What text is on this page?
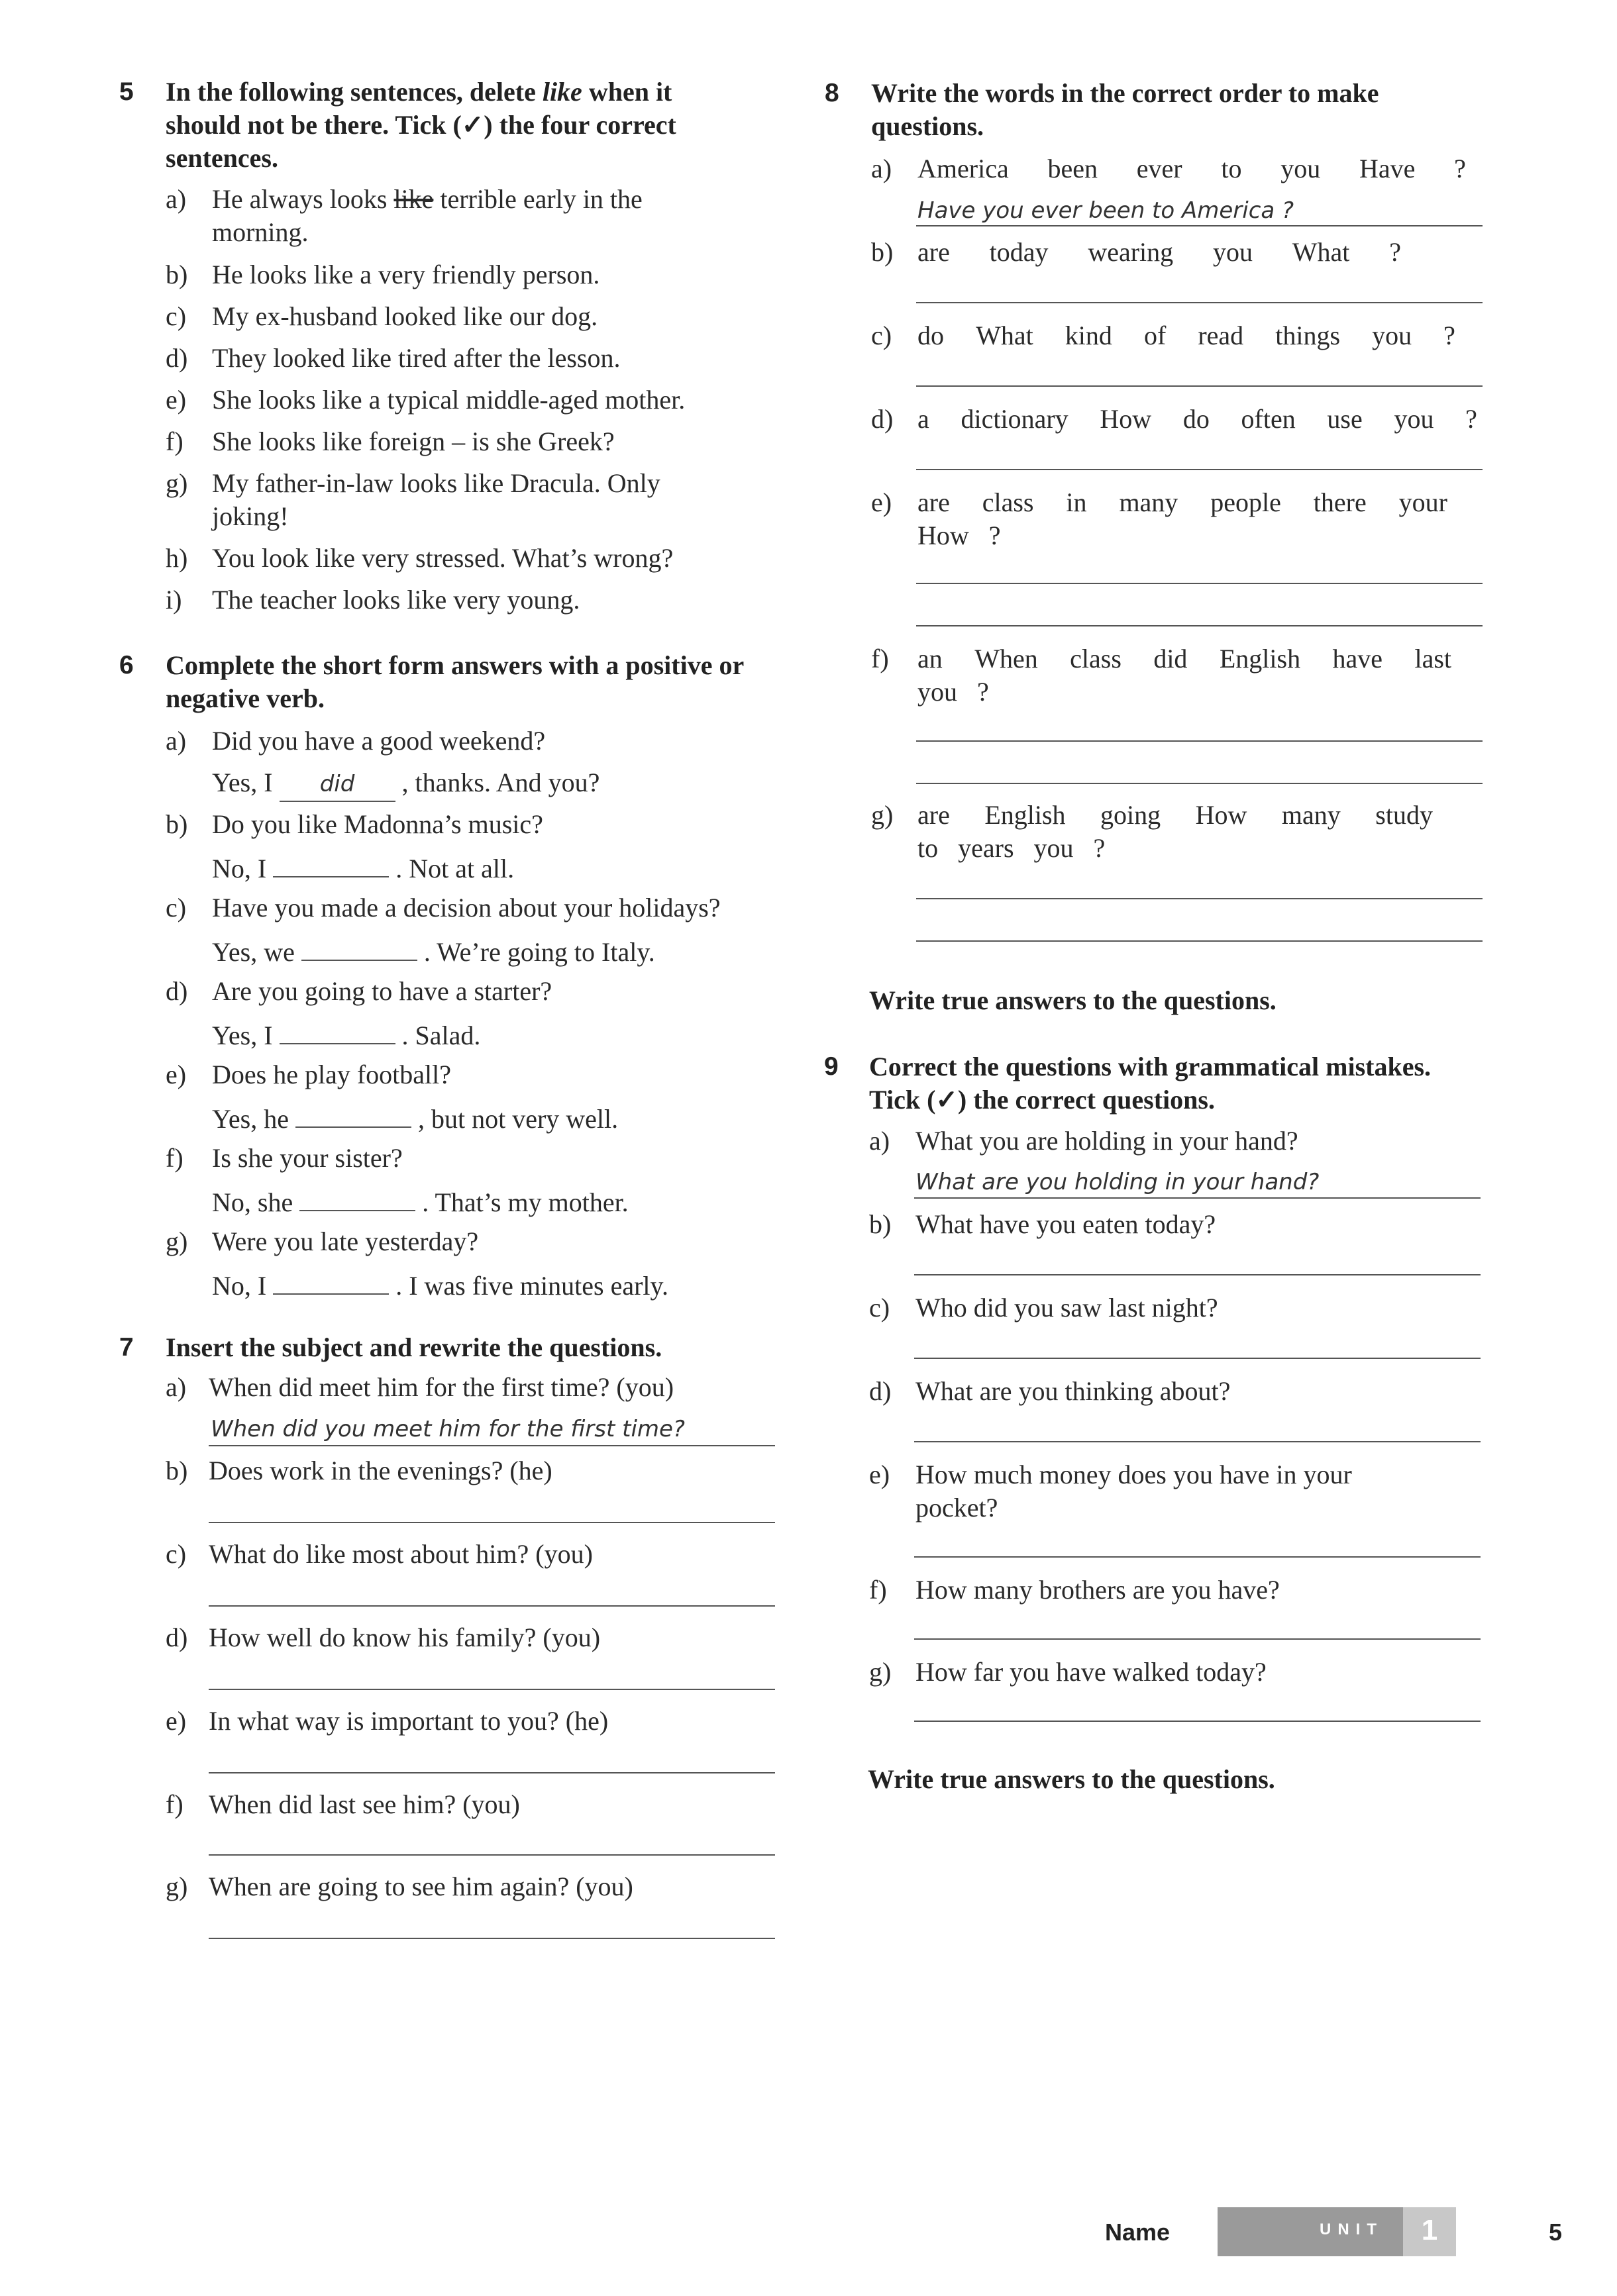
5 In the following sentences, delete like when it should not be there. Tick (✓) the four correct sentences.
a) He always looks like terrible early in the morning.
b) He looks like a very friendly person.
c) My ex-husband looked like our dog.
d) They looked like tired after the lesson.
e) She looks like a typical middle-aged mother.
f) She looks like foreign – is she Greek?
g) My father-in-law looks like Dracula. Only joking!
h) You look like very stressed. What’s wrong?
i) The teacher looks like very young.
6 Complete the short form answers with a positive or negative verb.
a) Did you have a good weekend?
Yes, I did , thanks. And you?
b) Do you like Madonna’s music?
No, I	. Not at all.
c) Have you made a decision about your holidays?
Yes, we	. We’re going to Italy.
d) Are you going to have a starter?
Yes, I	. Salad.
e) Does he play football?
Yes, he	, but not very well.
f) Is she your sister?
No, she	. That’s my mother.
g) Were you late yesterday?
No, I	. I was five minutes early.
7 Insert the subject and rewrite the questions.
a) When did meet him for the first time? (you)
When did you meet him for the first time?
b) Does work in the evenings? (he)
c) What do like most about him? (you)
d) How well do know his family? (you)
e) In what way is important to you? (he)
f) When did last see him? (you)
g) When are going to see him again? (you)
8 Write the words in the correct order to make questions.
a) America been ever to you Have ?
Have you ever been to America ?
b) are today wearing you What ?
c) do What kind of read things you ?
d) a dictionary How do often use you ?
e) are class in many people there your
How   ?
f) an When class did English have last
you   ?
g) are English going How many study
to   years   you   ?
Write true answers to the questions.
9 Correct the questions with grammatical mistakes. Tick (✓) the correct questions.
a) What you are holding in your hand?
What are you holding in your hand?
b) What have you eaten today?
c) Who did you saw last night?
d) What are you thinking about?
e) How much money does you have in your pocket?
f) How many brothers are you have?
g) How far you have walked today?
Write true answers to the questions.
Name	UNIT	1	5
